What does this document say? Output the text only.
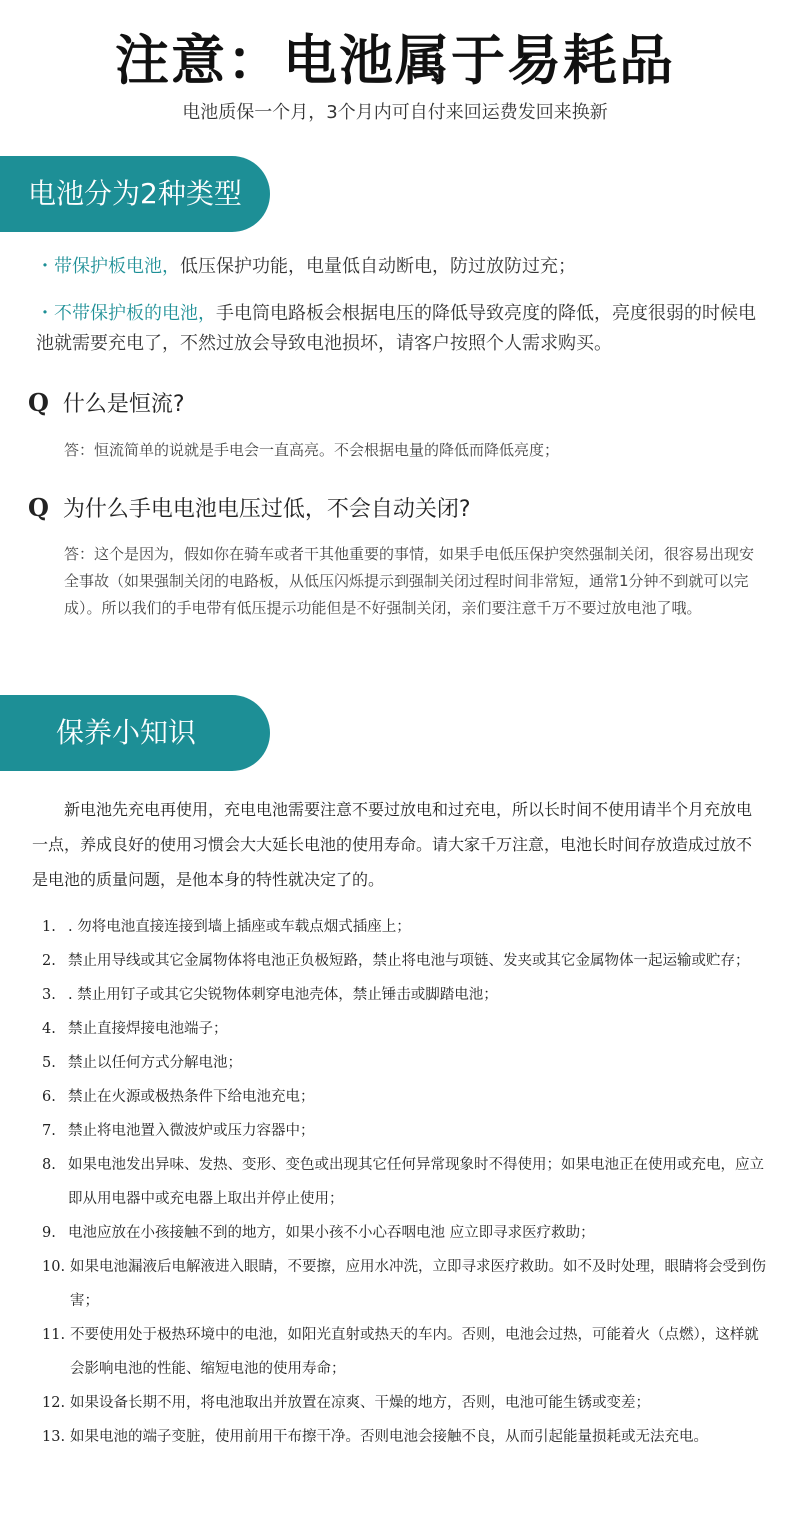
注意：电池属于易耗品
电池质保一个月，3个月内可自付来回运费发回来换新
电池分为2种类型
・带保护板电池，低压保护功能，电量低自动断电，防过放防过充；
・不带保护板的电池，手电筒电路板会根据电压的降低导致亮度的降低，亮度很弱的时候电池就需要充电了，不然过放会导致电池损坏，请客户按照个人需求购买。
Q 什么是恒流?
答：恒流简单的说就是手电会一直高亮。不会根据电量的降低而降低亮度；
Q 为什么手电电池电压过低，不会自动关闭?
答：这个是因为，假如你在骑车或者干其他重要的事情，如果手电低压保护突然强制关闭，很容易出现安全事故（如果强制关闭的电路板，从低压闪烁提示到强制关闭过程时间非常短，通常1分钟不到就可以完成）。所以我们的手电带有低压提示功能但是不好强制关闭，亲们要注意千万不要过放电池了哦。
保养小知识
　　新电池先充电再使用，充电电池需要注意不要过放电和过充电，所以长时间不使用请半个月充放电一点，养成良好的使用习惯会大大延长电池的使用寿命。请大家千万注意，电池长时间存放造成过放不是电池的质量问题，是他本身的特性就决定了的。
1. . 勿将电池直接连接到墙上插座或车载点烟式插座上；
2. 禁止用导线或其它金属物体将电池正负极短路，禁止将电池与项链、发夹或其它金属物体一起运输或贮存；
3. . 禁止用钉子或其它尖锐物体刺穿电池壳体，禁止锤击或脚踏电池；
4. 禁止直接焊接电池端子；
5. 禁止以任何方式分解电池；
6. 禁止在火源或极热条件下给电池充电；
7. 禁止将电池置入微波炉或压力容器中；
8. 如果电池发出异味、发热、变形、变色或出现其它任何异常现象时不得使用；如果电池正在使用或充电，应立即从用电器中或充电器上取出并停止使用；
9. 电池应放在小孩接触不到的地方，如果小孩不小心吞咽电池 应立即寻求医疗救助；
10. 如果电池漏液后电解液进入眼睛，不要擦，应用水冲洗，立即寻求医疗救助。如不及时处理，眼睛将会受到伤害；
11. 不要使用处于极热环境中的电池，如阳光直射或热天的车内。否则，电池会过热，可能着火（点燃），这样就会影响电池的性能、缩短电池的使用寿命；
12. 如果设备长期不用，将电池取出并放置在凉爽、干燥的地方，否则，电池可能生锈或变差；
13. 如果电池的端子变脏，使用前用干布擦干净。否则电池会接触不良，从而引起能量损耗或无法充电。
